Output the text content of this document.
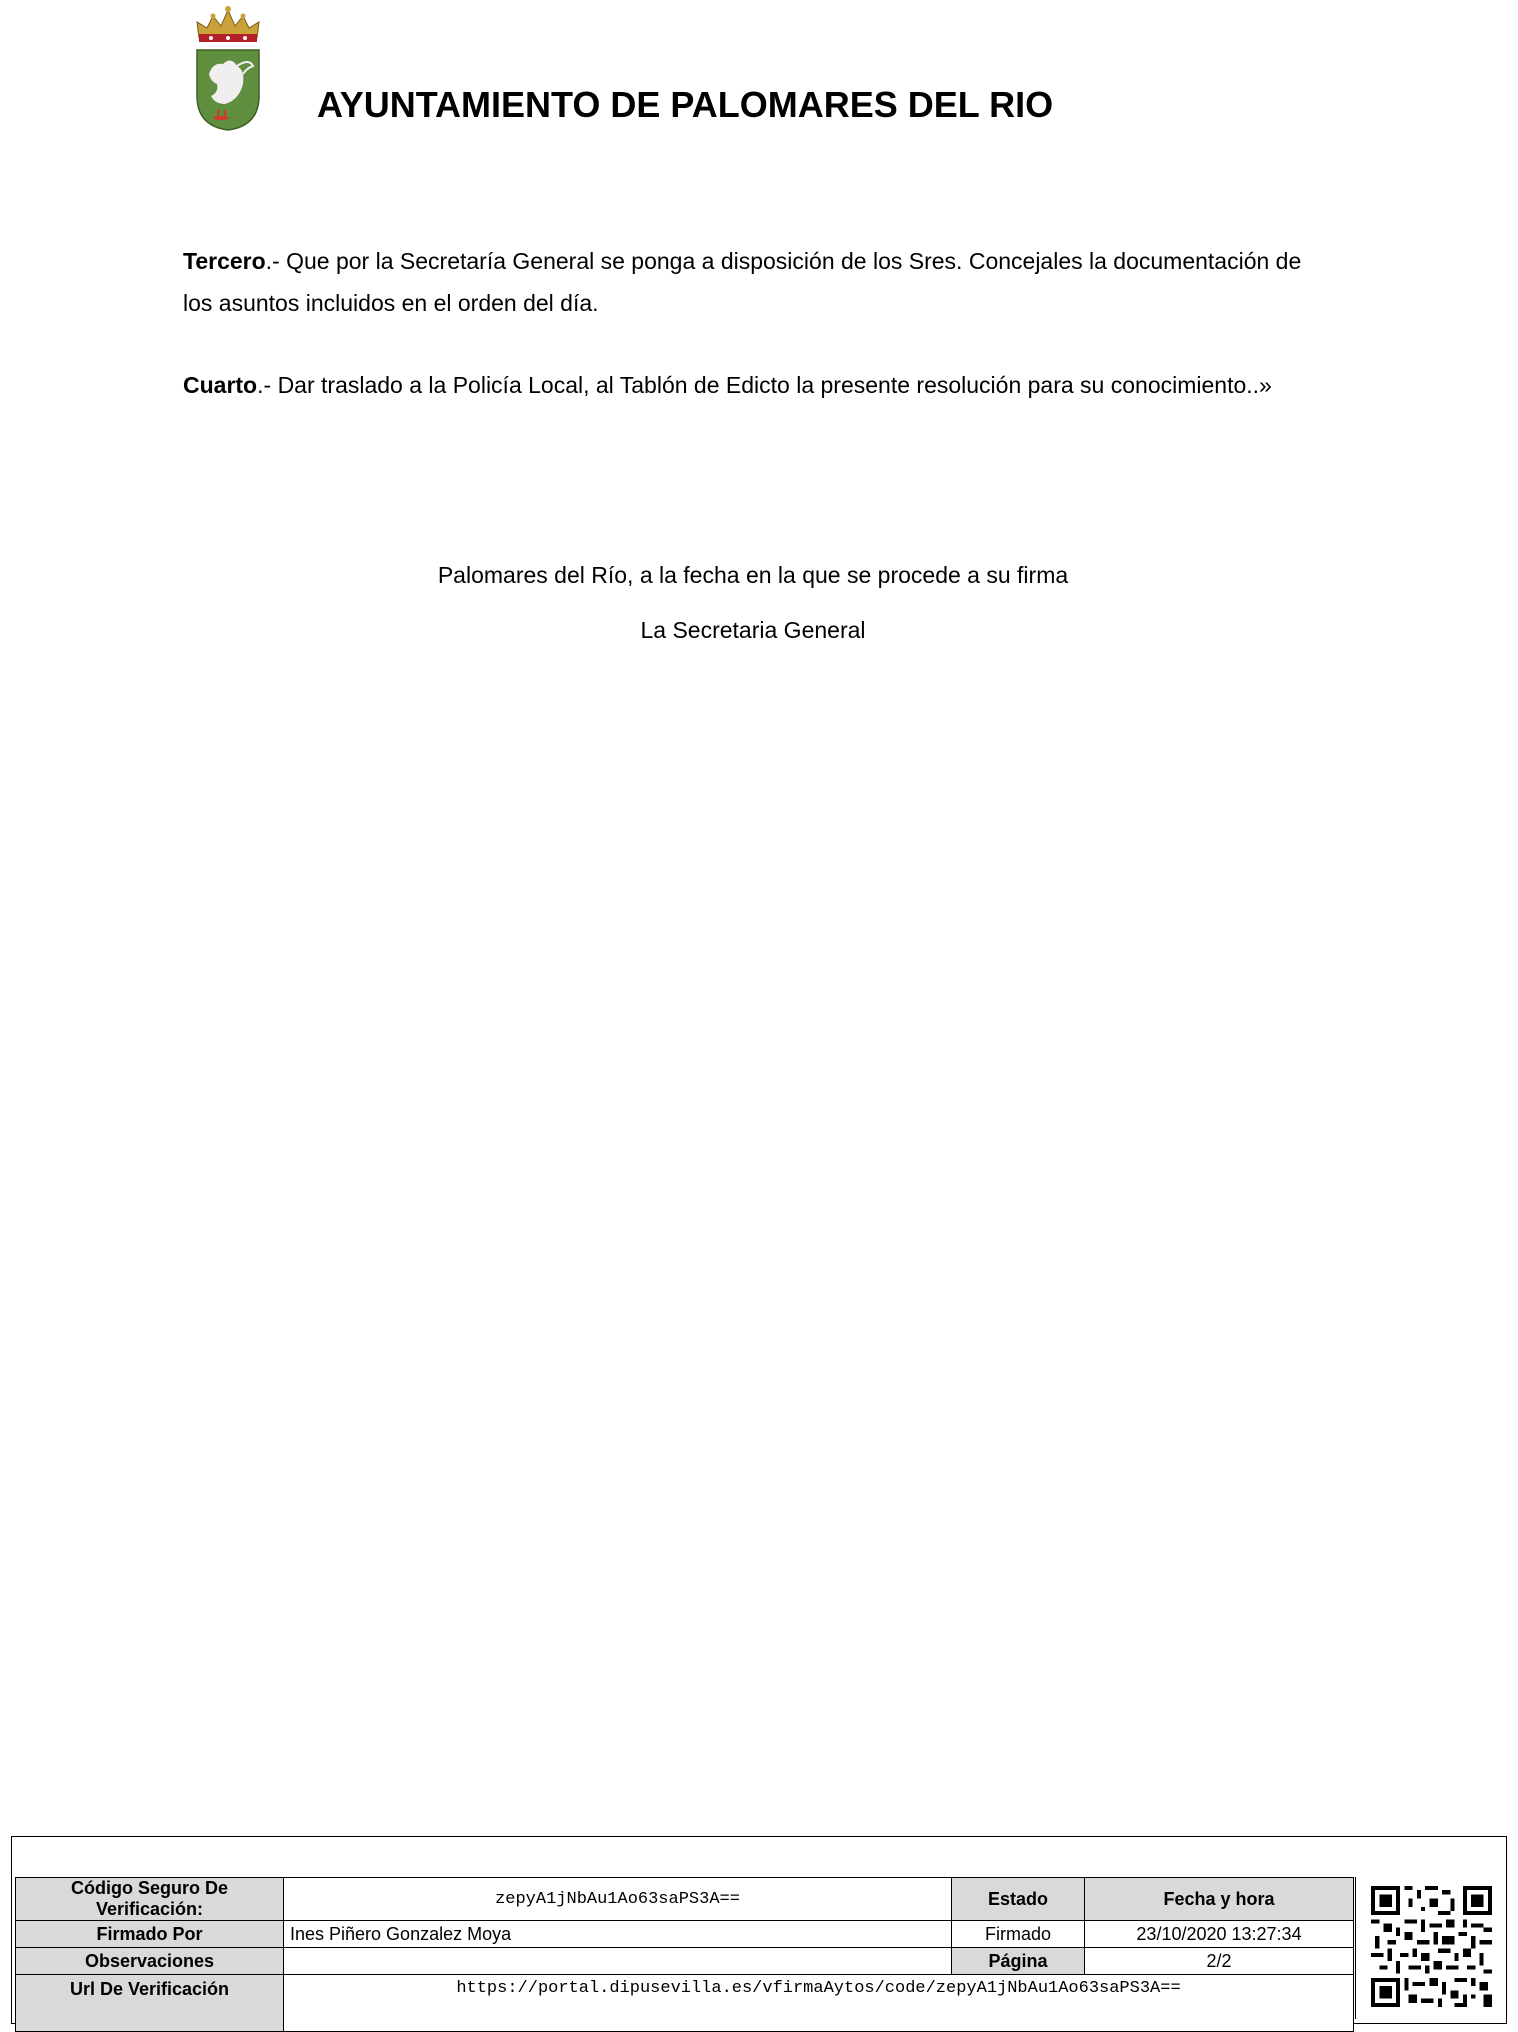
AYUNTAMIENTO DE PALOMARES DEL RIO

Tercero.- Que por la Secretaría General se ponga a disposición de los Sres. Concejales la documentación de los asuntos incluidos en el orden del día.

Cuarto.- Dar traslado a la Policía Local, al Tablón de Edicto la presente resolución para su conocimiento..»

Palomares del Río, a la fecha en la que se procede a su firma

La Secretaria General

Código Seguro De Verificación:	zepyA1jNbAu1Ao63saPS3A==	Estado	Fecha y hora
Firmado Por	Ines Piñero Gonzalez Moya	Firmado	23/10/2020 13:27:34
Observaciones		Página	2/2
Url De Verificación	https://portal.dipusevilla.es/vfirmaAytos/code/zepyA1jNbAu1Ao63saPS3A==		
